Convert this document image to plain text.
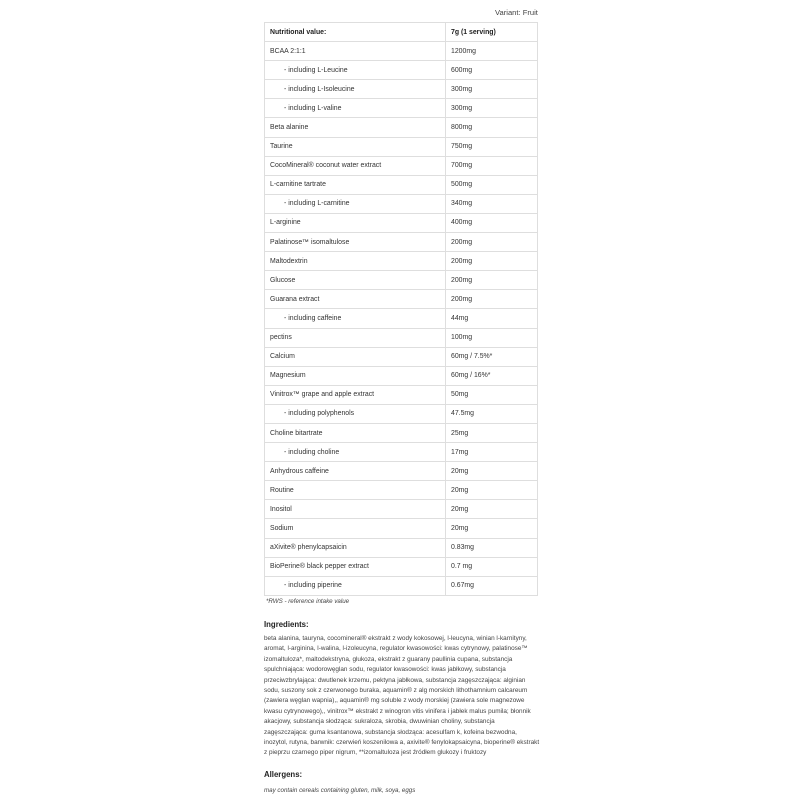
Variant: Fruit
Nutritional value:	7g (1 serving)
BCAA 2:1:1	1200mg
- including L-Leucine	600mg
- including L-Isoleucine	300mg
- including L-valine	300mg
Beta alanine	800mg
Taurine	750mg
CocoMineral® coconut water extract	700mg
L-carnitine tartrate	500mg
- including L-carnitine	340mg
L-arginine	400mg
Palatinose™ isomaltulose	200mg
Maltodextrin	200mg
Glucose	200mg
Guarana extract	200mg
- including caffeine	44mg
pectins	100mg
Calcium	60mg / 7.5%*
Magnesium	60mg / 16%*
Vinitrox™ grape and apple extract	50mg
- including polyphenols	47.5mg
Choline bitartrate	25mg
- including choline	17mg
Anhydrous caffeine	20mg
Routine	20mg
Inositol	20mg
Sodium	20mg
aXivite® phenylcapsaicin	0.83mg
BioPerine® black pepper extract	0.7 mg
- including piperine	0.67mg
*RWS - reference intake value
Ingredients:
beta alanina, tauryna, cocomineral® ekstrakt z wody kokosowej, l-leucyna, winian l-karnityny, aromat, l-arginina, l-walina, l-izoleucyna, regulator kwasowości: kwas cytrynowy, palatinose™ izomaltuloza*, maltodekstryna, glukoza, ekstrakt z guarany paullinia cupana, substancja spulchniająca: wodorowęglan sodu, regulator kwasowości: kwas jabłkowy, substancja przeciwzbrylająca: dwutlenek krzemu, pektyna jabłkowa, substancja zagęszczająca: alginian sodu, suszony sok z czerwonego buraka, aquamin® z alg morskich lithothamnium calcareum (zawiera węglan wapnia),, aquamin® mg soluble z wody morskiej (zawiera sole magnezowe kwasu cytrynowego),, vinitrox™ ekstrakt z winogron vitis vinifera i jabłek malus pumila; błonnik akacjowy, substancja słodząca: sukraloza, skrobia, dwuwinian choliny, substancja zagęszczająca: guma ksantanowa, substancja słodząca: acesulfam k, kofeina bezwodna, inozytol, rutyna, barwnik: czerwień koszenilowa a, axivite® fenylokapsaicyna, bioperine® ekstrakt z pieprzu czarnego piper nigrum, **izomaltuloza jest źródłem glukozy i fruktozy
Allergens:
may contain cereals containing gluten, milk, soya, eggs
